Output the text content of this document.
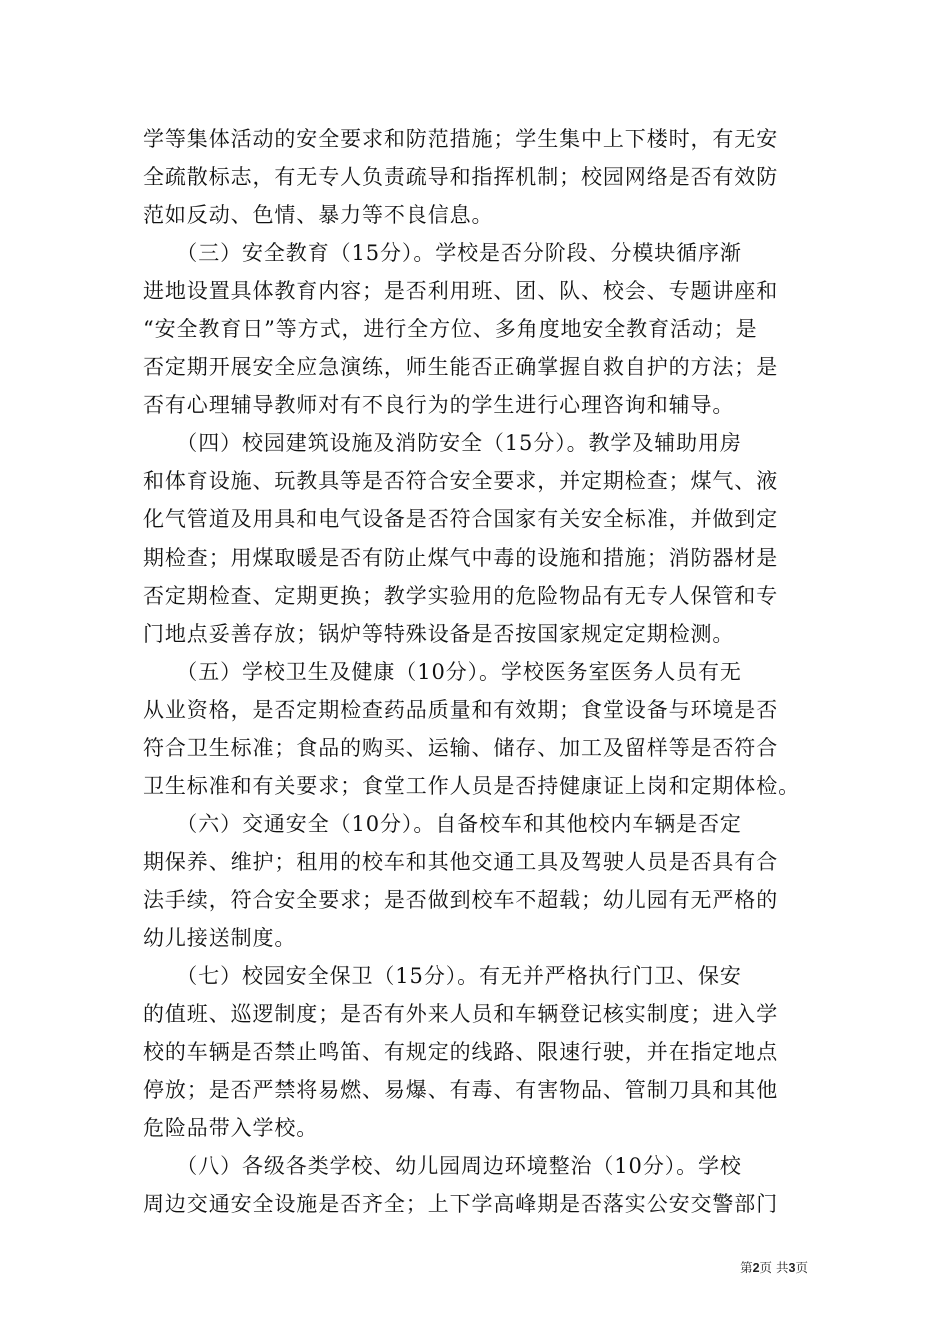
学等集体活动的安全要求和防范措施；学生集中上下楼时，有无安
全疏散标志，有无专人负责疏导和指挥机制；校园网络是否有效防
范如反动、色情、暴力等不良信息。
　　（三）安全教育（15分）。学校是否分阶段、分模块循序渐
进地设置具体教育内容；是否利用班、团、队、校会、专题讲座和
“安全教育日”等方式，进行全方位、多角度地安全教育活动；是
否定期开展安全应急演练，师生能否正确掌握自救自护的方法；是
否有心理辅导教师对有不良行为的学生进行心理咨询和辅导。
　　（四）校园建筑设施及消防安全（15分）。教学及辅助用房
和体育设施、玩教具等是否符合安全要求，并定期检查；煤气、液
化气管道及用具和电气设备是否符合国家有关安全标准，并做到定
期检查；用煤取暖是否有防止煤气中毒的设施和措施；消防器材是
否定期检查、定期更换；教学实验用的危险物品有无专人保管和专
门地点妥善存放；锅炉等特殊设备是否按国家规定定期检测。
　　（五）学校卫生及健康（10分）。学校医务室医务人员有无
从业资格，是否定期检查药品质量和有效期；食堂设备与环境是否
符合卫生标准；食品的购买、运输、储存、加工及留样等是否符合
卫生标准和有关要求；食堂工作人员是否持健康证上岗和定期体检。
　　（六）交通安全（10分）。自备校车和其他校内车辆是否定
期保养、维护；租用的校车和其他交通工具及驾驶人员是否具有合
法手续，符合安全要求；是否做到校车不超载；幼儿园有无严格的
幼儿接送制度。
　　（七）校园安全保卫（15分）。有无并严格执行门卫、保安
的值班、巡逻制度；是否有外来人员和车辆登记核实制度；进入学
校的车辆是否禁止鸣笛、有规定的线路、限速行驶，并在指定地点
停放；是否严禁将易燃、易爆、有毒、有害物品、管制刀具和其他
危险品带入学校。
　　（八）各级各类学校、幼儿园周边环境整治（10分）。学校
周边交通安全设施是否齐全；上下学高峰期是否落实公安交警部门
第2页 共3页
